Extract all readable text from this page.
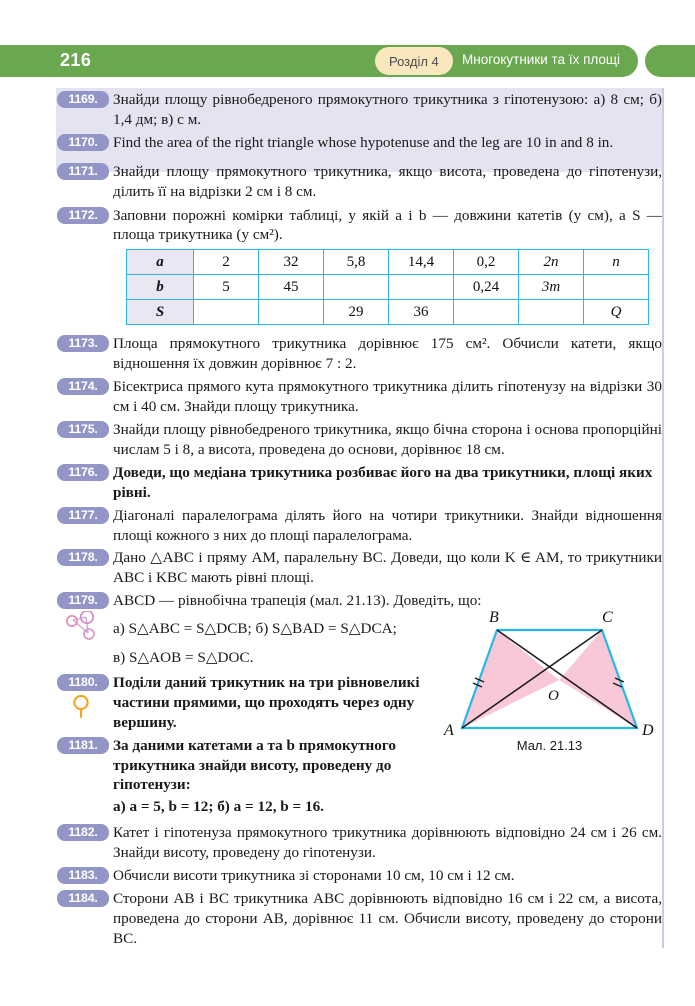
216	Розділ 4	Многокутники та їх площі

1169.	Знайди площу рівнобедреного прямокутного трикутника з гіпотенузою: а) 8 см; б) 1,4 дм; в) c м.

1170.	Find the area of the right triangle whose hypotenuse and the leg are 10 in and 8 in.

1171.	Знайди площу прямокутного трикутника, якщо висота, проведена до гіпотенузи, ділить її на відрізки 2 см і 8 см.

1172.	Заповни порожні комірки таблиці, у якій a і b — довжини катетів (у см), а S — площа трикутника (у см²).

a	2	32	5,8	14,4	0,2	2n	n
b	5	45			0,24	3m	
S			29	36			Q

1173.	Площа прямокутного трикутника дорівнює 175 см². Обчисли катети, якщо відношення їх довжин дорівнює 7 : 2.

1174.	Бісектриса прямого кута прямокутного трикутника ділить гіпотенузу на відрізки 30 см і 40 см. Знайди площу трикутника.

1175.	Знайди площу рівнобедреного трикутника, якщо бічна сторона і основа пропорційні числам 5 і 8, а висота, проведена до основи, дорівнює 18 см.

1176.	Доведи, що медіана трикутника розбиває його на два трикутники, площі яких рівні.

1177.	Діагоналі паралелограма ділять його на чотири трикутники. Знайди відношення площі кожного з них до площі паралелограма.

1178.	Дано △ABC і пряму AM, паралельну BC. Доведи, що коли K ∈ AM, то трикутники ABC і KBC мають рівні площі.

1179.	ABCD — рівнобічна трапеція (мал. 21.13). Доведіть, що:

а) S△ABC = S△DCB; б) S△BAD = S△DCA;

в) S△AOB = S△DOC.

1180.	Поділи даний трикутник на три рівновеликі частини прямими, що проходять через одну вершину.

1181.	За даними катетами a та b прямокутного трикутника знайди висоту, проведену до гіпотенузи:

а) a = 5, b = 12; б) a = 12, b = 16.

1182.	Катет і гіпотенуза прямокутного трикутника дорівнюють відповідно 24 см і 26 см. Знайди висоту, проведену до гіпотенузи.

1183.	Обчисли висоти трикутника зі сторонами 10 см, 10 см і 12 см.

1184.	Сторони AB і BC трикутника ABC дорівнюють відповідно 16 см і 22 см, а висота, проведена до сторони AB, дорівнює 11 см. Обчисли висоту, проведену до сторони BC.

B	C
A	D
O
Мал. 21.13
